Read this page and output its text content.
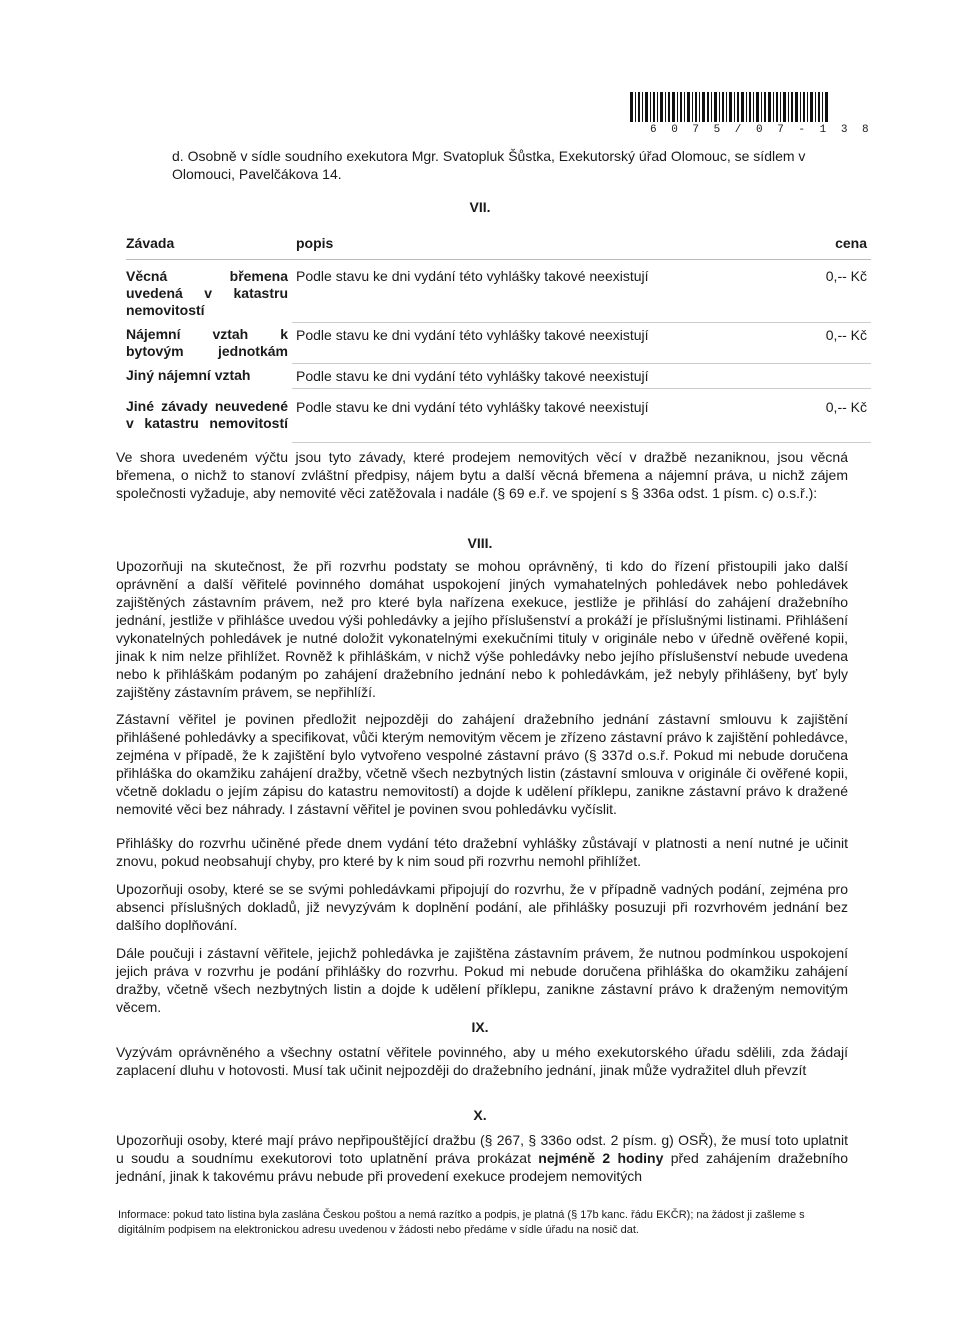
6 0 7 5 / 0 7 - 1 3 8
d. Osobně v sídle soudního exekutora Mgr. Svatopluk Šůstka, Exekutorský úřad Olomouc, se sídlem v Olomouci, Pavelčákova 14.
VII.
Závada	popis	cena
Věcná břemena uvedená v katastru nemovitostí	Podle stavu ke dni vydání této vyhlášky takové neexistují	0,-- Kč
Nájemní vztah k bytovým jednotkám	Podle stavu ke dni vydání této vyhlášky takové neexistují	0,-- Kč
Jiný nájemní vztah	Podle stavu ke dni vydání této vyhlášky takové neexistují	
Jiné závady neuvedené v katastru nemovitostí	Podle stavu ke dni vydání této vyhlášky takové neexistují	0,-- Kč
Ve shora uvedeném výčtu jsou tyto závady, které prodejem nemovitých věcí v dražbě nezaniknou, jsou věcná břemena, o nichž to stanoví zvláštní předpisy, nájem bytu a další věcná břemena a nájemní práva, u nichž zájem společnosti vyžaduje, aby nemovité věci zatěžovala i nadále (§ 69 e.ř. ve spojení s § 336a odst. 1 písm. c) o.s.ř.):
VIII.
Upozorňuji na skutečnost, že při rozvrhu podstaty se mohou oprávněný, ti kdo do řízení přistoupili jako další oprávnění a další věřitelé povinného domáhat uspokojení jiných vymahatelných pohledávek nebo pohledávek zajištěných zástavním právem, než pro které byla nařízena exekuce, jestliže je přihlásí do zahájení dražebního jednání, jestliže v přihlášce uvedou výši pohledávky a jejího příslušenství a prokáží je příslušnými listinami. Přihlášení vykonatelných pohledávek je nutné doložit vykonatelnými exekučními tituly v originále nebo v úředně ověřené kopii, jinak k nim nelze přihlížet. Rovněž k přihláškám, v nichž výše pohledávky nebo jejího příslušenství nebude uvedena nebo k přihláškám podaným po zahájení dražebního jednání nebo k pohledávkám, jež nebyly přihlášeny, byť byly zajištěny zástavním právem, se nepřihlíží.
Zástavní věřitel je povinen předložit nejpozději do zahájení dražebního jednání zástavní smlouvu k zajištění přihlášené pohledávky a specifikovat, vůči kterým nemovitým věcem je zřízeno zástavní právo k zajištění pohledávce, zejména v případě, že k zajištění bylo vytvořeno vespolné zástavní právo (§ 337d o.s.ř. Pokud mi nebude doručena přihláška do okamžiku zahájení dražby, včetně všech nezbytných listin (zástavní smlouva v originále či ověřené kopii, včetně dokladu o jejím zápisu do katastru nemovitostí) a dojde k udělení příklepu, zanikne zástavní právo k dražené nemovité věci bez náhrady. I zástavní věřitel je povinen svou pohledávku vyčíslit.
Přihlášky do rozvrhu učiněné přede dnem vydání této dražební vyhlášky zůstávají v platnosti a není nutné je učinit znovu, pokud neobsahují chyby, pro které by k nim soud při rozvrhu nemohl přihlížet.
Upozorňuji osoby, které se se svými pohledávkami připojují do rozvrhu, že v případně vadných podání, zejména pro absenci příslušných dokladů, již nevyzývám k doplnění podání, ale přihlášky posuzuji při rozvrhovém jednání bez dalšího doplňování.
Dále poučuji i zástavní věřitele, jejichž pohledávka je zajištěna zástavním právem, že nutnou podmínkou uspokojení jejich práva v rozvrhu je podání přihlášky do rozvrhu. Pokud mi nebude doručena přihláška do okamžiku zahájení dražby, včetně všech nezbytných listin a dojde k udělení příklepu, zanikne zástavní právo k draženým nemovitým věcem.
IX.
Vyzývám oprávněného a všechny ostatní věřitele povinného, aby u mého exekutorského úřadu sdělili, zda žádají zaplacení dluhu v hotovosti. Musí tak učinit nejpozději do dražebního jednání, jinak může vydražitel dluh převzít
X.
Upozorňuji osoby, které mají právo nepřipouštějící dražbu (§ 267, § 336o odst. 2 písm. g) OSŘ), že musí toto uplatnit u soudu a soudnímu exekutorovi toto uplatnění práva prokázat nejméně 2 hodiny před zahájením dražebního jednání, jinak k takovému právu nebude při provedení exekuce prodejem nemovitých
Informace: pokud tato listina byla zaslána Českou poštou a nemá razítko a podpis, je platná (§ 17b kanc. řádu EKČR); na žádost ji zašleme s digitálním podpisem na elektronickou adresu uvedenou v žádosti nebo předáme v sídle úřadu na nosič dat.
